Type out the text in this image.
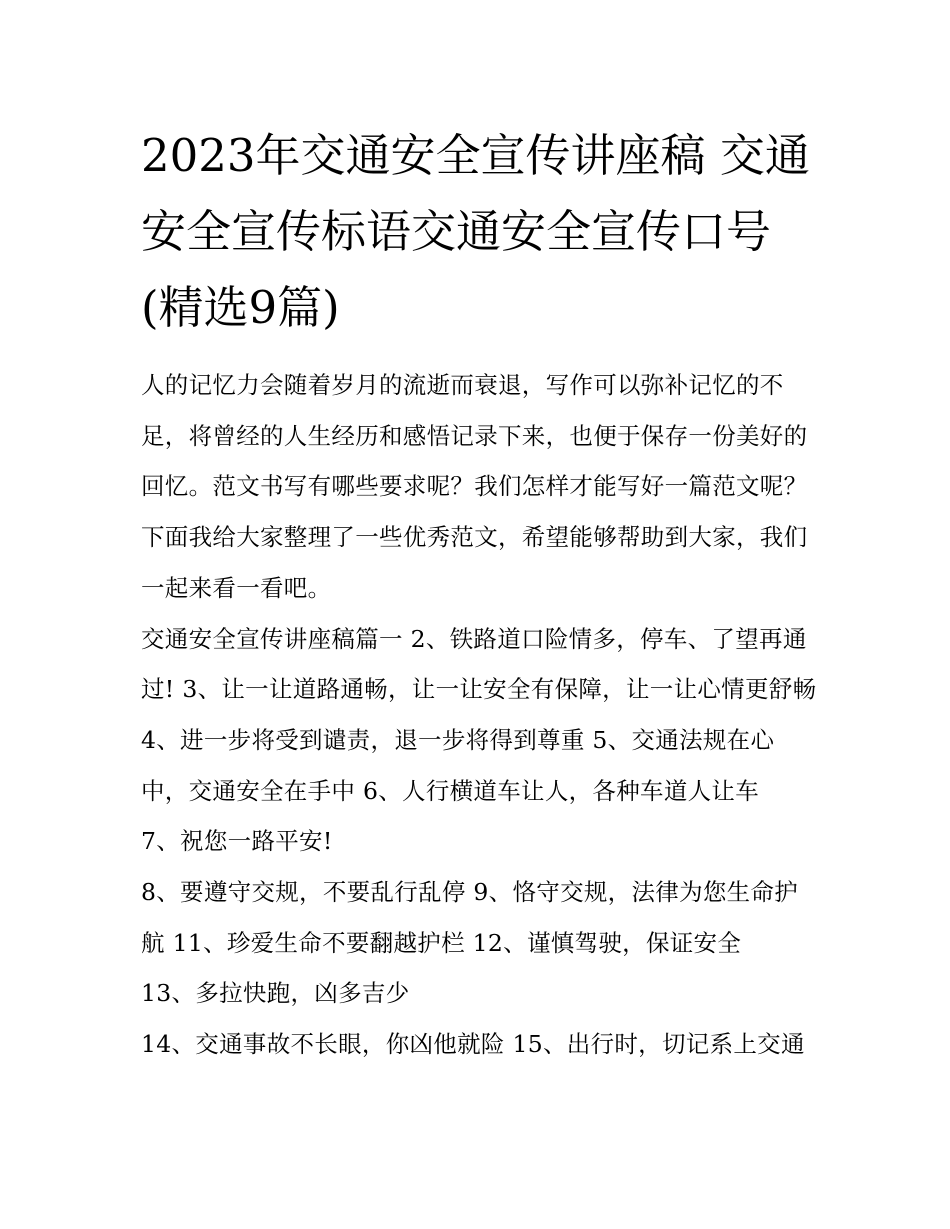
2023年交通安全宣传讲座稿 交通安全宣传标语交通安全宣传口号(精选9篇)

人的记忆力会随着岁月的流逝而衰退，写作可以弥补记忆的不足，将曾经的人生经历和感悟记录下来，也便于保存一份美好的回忆。范文书写有哪些要求呢？我们怎样才能写好一篇范文呢？下面我给大家整理了一些优秀范文，希望能够帮助到大家，我们一起来看一看吧。

交通安全宣传讲座稿篇一 2、铁路道口险情多，停车、了望再通过! 3、让一让道路通畅，让一让安全有保障，让一让心情更舒畅

4、进一步将受到谴责，退一步将得到尊重 5、交通法规在心中，交通安全在手中 6、人行横道车让人，各种车道人让车

7、祝您一路平安!

8、要遵守交规，不要乱行乱停 9、恪守交规，法律为您生命护航 11、珍爱生命不要翻越护栏 12、谨慎驾驶，保证安全

13、多拉快跑，凶多吉少

14、交通事故不长眼，你凶他就险 15、出行时，切记系上交通
